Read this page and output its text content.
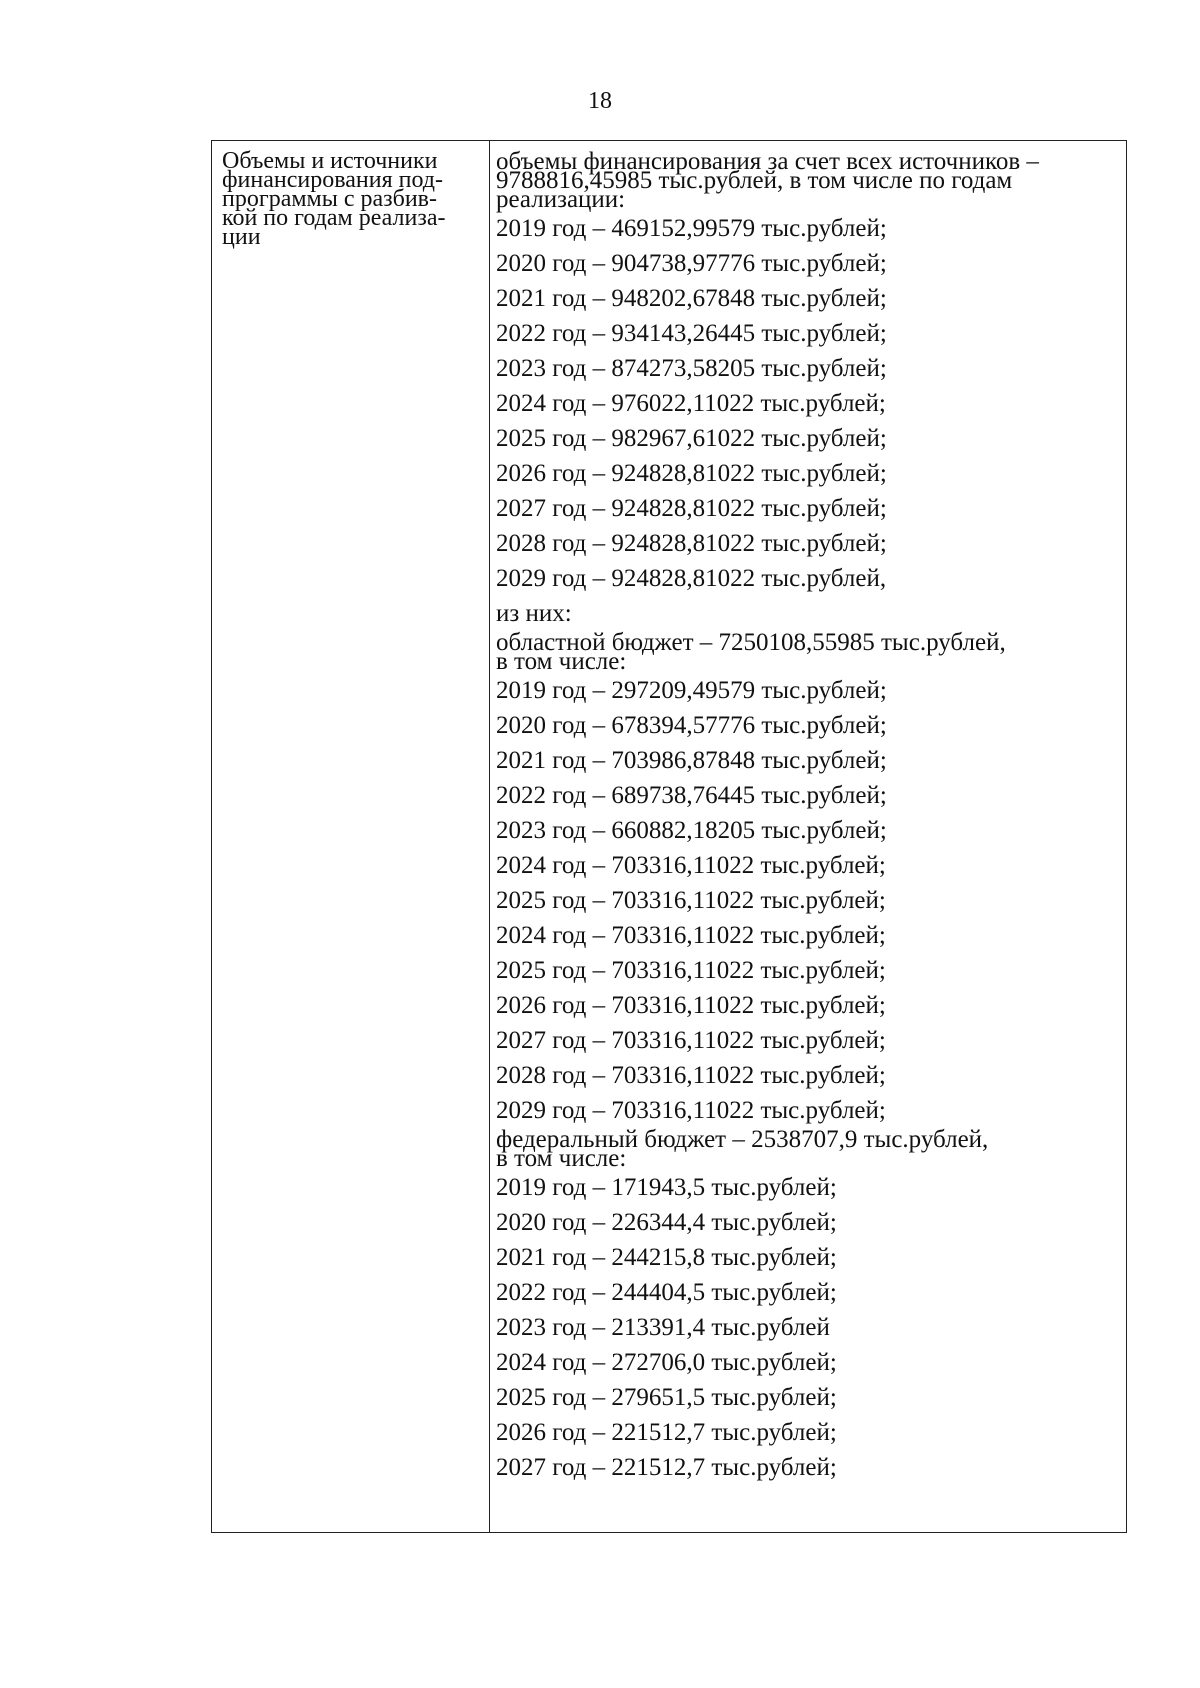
18
Объемы и источники
финансирования под-
программы с разбив-
кой по годам реализа-
ции
объемы финансирования за счет всех источников –
9788816,45985 тыс.рублей, в том числе по годам
реализации:
2019 год – 469152,99579 тыс.рублей;
2020 год – 904738,97776 тыс.рублей;
2021 год – 948202,67848 тыс.рублей;
2022 год – 934143,26445 тыс.рублей;
2023 год – 874273,58205 тыс.рублей;
2024 год – 976022,11022 тыс.рублей;
2025 год – 982967,61022 тыс.рублей;
2026 год – 924828,81022 тыс.рублей;
2027 год – 924828,81022 тыс.рублей;
2028 год – 924828,81022 тыс.рублей;
2029 год – 924828,81022 тыс.рублей,
из них:
областной бюджет – 7250108,55985 тыс.рублей,
в том числе:
2019 год – 297209,49579 тыс.рублей;
2020 год – 678394,57776 тыс.рублей;
2021 год – 703986,87848 тыс.рублей;
2022 год – 689738,76445 тыс.рублей;
2023 год – 660882,18205 тыс.рублей;
2024 год – 703316,11022 тыс.рублей;
2025 год – 703316,11022 тыс.рублей;
2024 год – 703316,11022 тыс.рублей;
2025 год – 703316,11022 тыс.рублей;
2026 год – 703316,11022 тыс.рублей;
2027 год – 703316,11022 тыс.рублей;
2028 год – 703316,11022 тыс.рублей;
2029 год – 703316,11022 тыс.рублей;
федеральный бюджет – 2538707,9 тыс.рублей,
в том числе:
2019 год – 171943,5 тыс.рублей;
2020 год – 226344,4 тыс.рублей;
2021 год – 244215,8 тыс.рублей;
2022 год – 244404,5 тыс.рублей;
2023 год – 213391,4 тыс.рублей
2024 год – 272706,0 тыс.рублей;
2025 год – 279651,5 тыс.рублей;
2026 год – 221512,7 тыс.рублей;
2027 год – 221512,7 тыс.рублей;
